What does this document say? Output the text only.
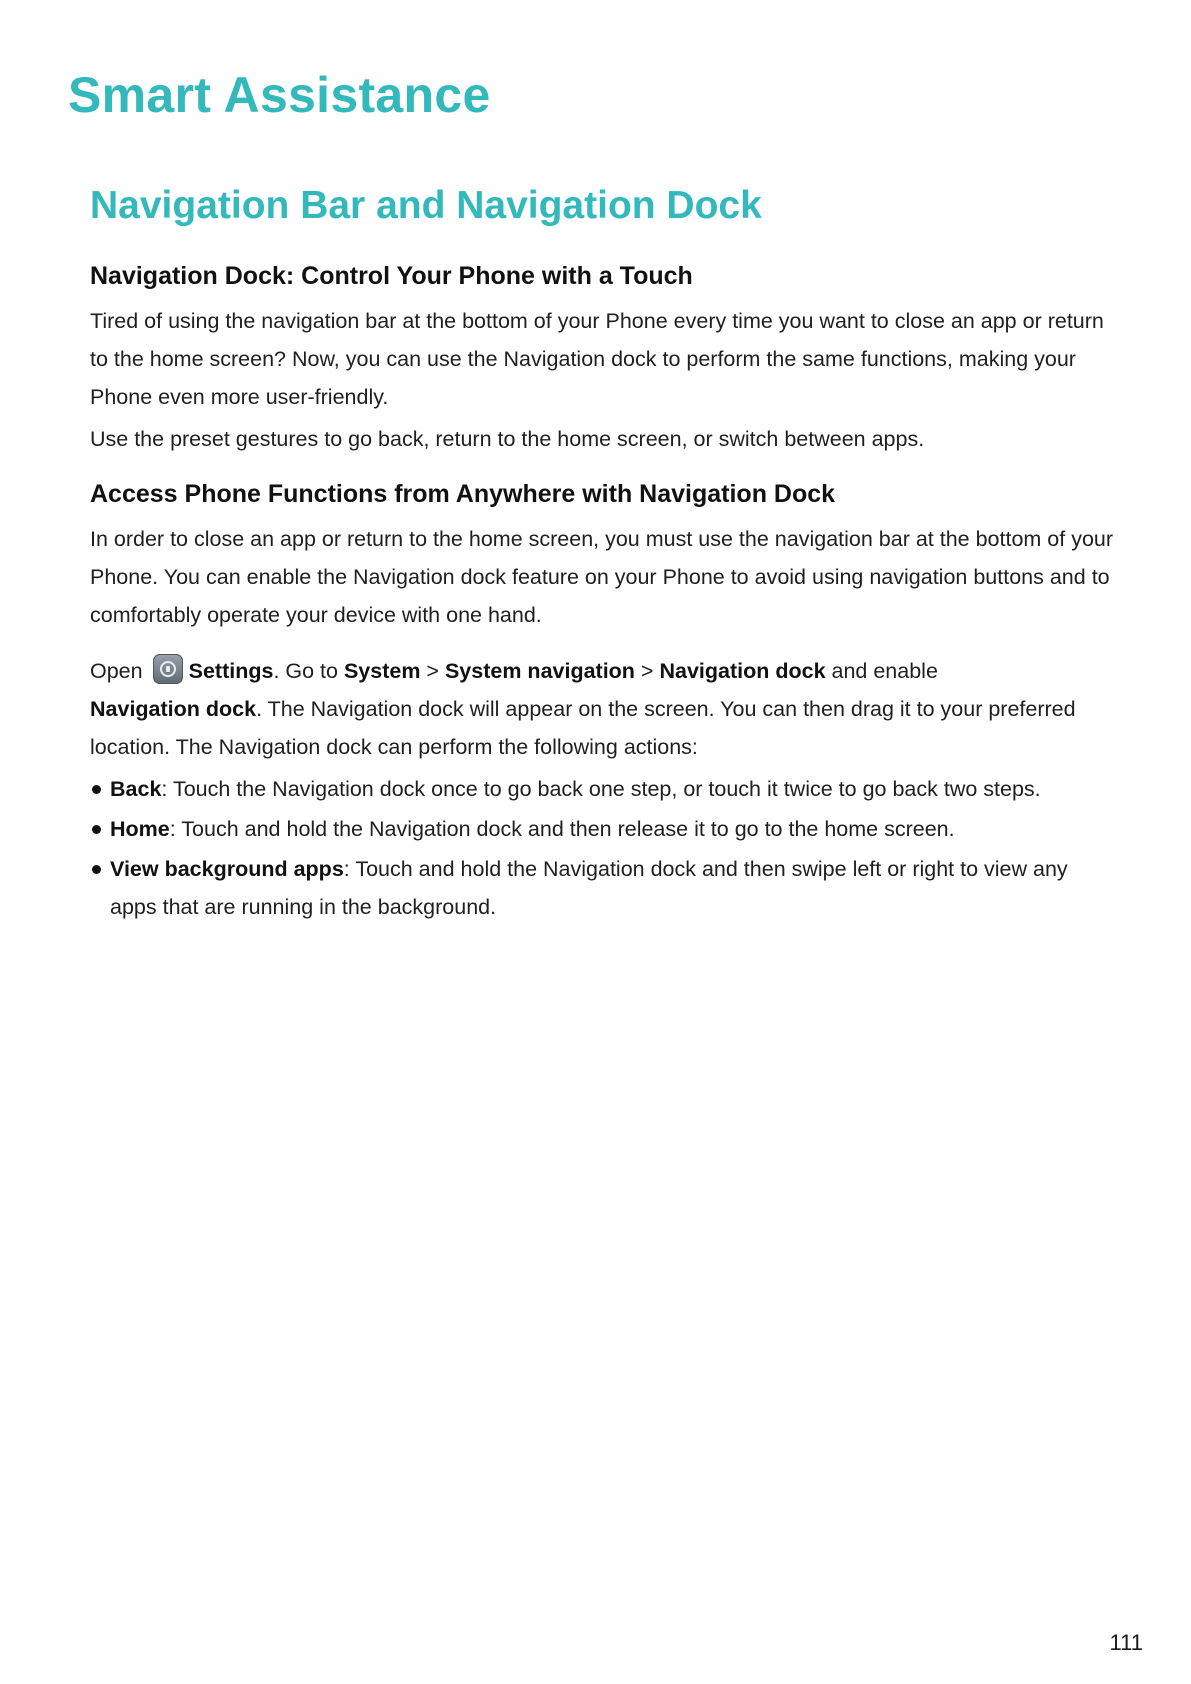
Smart Assistance
Navigation Bar and Navigation Dock
Navigation Dock: Control Your Phone with a Touch

Tired of using the navigation bar at the bottom of your Phone every time you want to close an app or return to the home screen? Now, you can use the Navigation dock to perform the same functions, making your Phone even more user-friendly.

Use the preset gestures to go back, return to the home screen, or switch between apps.

Access Phone Functions from Anywhere with Navigation Dock

In order to close an app or return to the home screen, you must use the navigation bar at the bottom of your Phone. You can enable the Navigation dock feature on your Phone to avoid using navigation buttons and to comfortably operate your device with one hand.

Open Settings. Go to System > System navigation > Navigation dock and enable
Navigation dock. The Navigation dock will appear on the screen. You can then drag it to your preferred location. The Navigation dock can perform the following actions:

Back: Touch the Navigation dock once to go back one step, or touch it twice to go back two steps.
Home: Touch and hold the Navigation dock and then release it to go to the home screen.
View background apps: Touch and hold the Navigation dock and then swipe left or right to view any apps that are running in the background.
111
